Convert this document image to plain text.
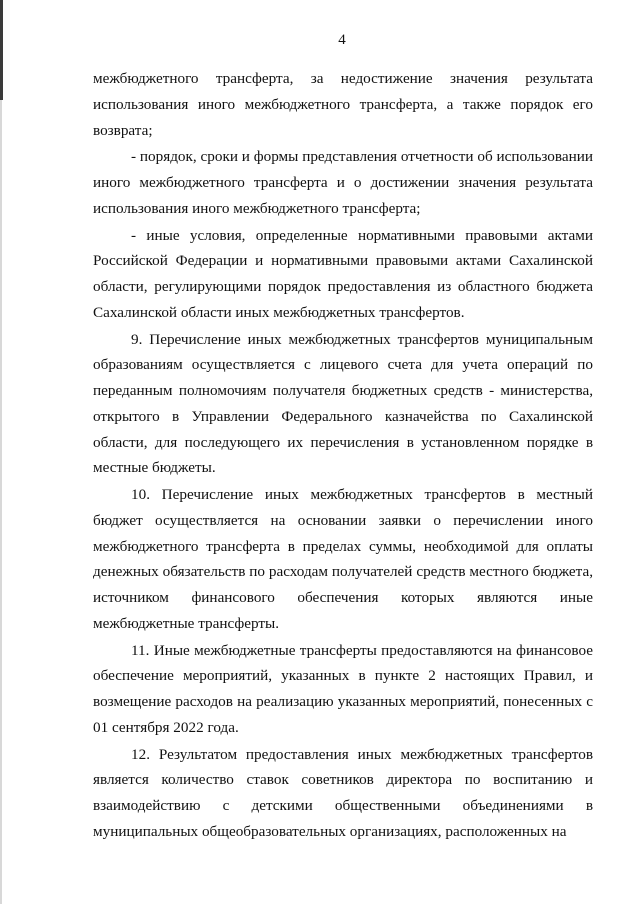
4

межбюджетного трансферта, за недостижение значения результата использования иного межбюджетного трансферта, а также порядок его возврата;

- порядок, сроки и формы представления отчетности об использовании иного межбюджетного трансферта и о достижении значения результата использования иного межбюджетного трансферта;

- иные условия, определенные нормативными правовыми актами Российской Федерации и нормативными правовыми актами Сахалинской области, регулирующими порядок предоставления из областного бюджета Сахалинской области иных межбюджетных трансфертов.

9. Перечисление иных межбюджетных трансфертов муниципальным образованиям осуществляется с лицевого счета для учета операций по переданным полномочиям получателя бюджетных средств - министерства, открытого в Управлении Федерального казначейства по Сахалинской области, для последующего их перечисления в установленном порядке в местные бюджеты.

10. Перечисление иных межбюджетных трансфертов в местный бюджет осуществляется на основании заявки о перечислении иного межбюджетного трансферта в пределах суммы, необходимой для оплаты денежных обязательств по расходам получателей средств местного бюджета, источником финансового обеспечения которых являются иные межбюджетные трансферты.

11. Иные межбюджетные трансферты предоставляются на финансовое обеспечение мероприятий, указанных в пункте 2 настоящих Правил, и возмещение расходов на реализацию указанных мероприятий, понесенных с 01 сентября 2022 года.

12. Результатом предоставления иных межбюджетных трансфертов является количество ставок советников директора по воспитанию и взаимодействию с детскими общественными объединениями в муниципальных общеобразовательных организациях, расположенных на
